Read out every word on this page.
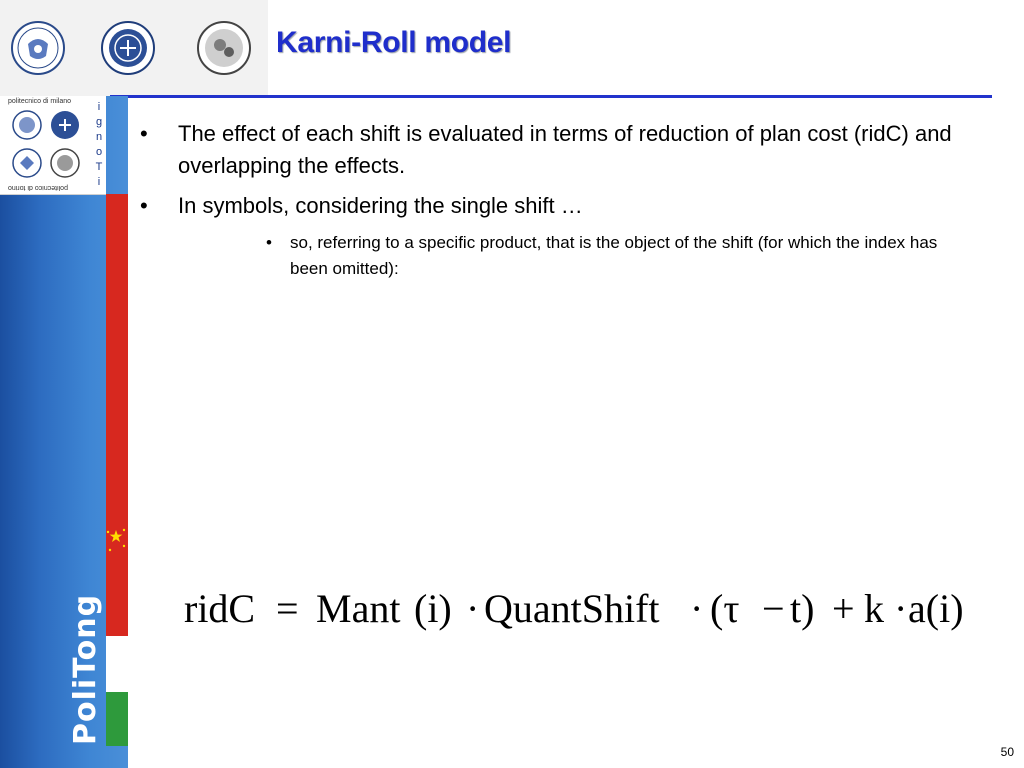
Karni-Roll model
politecnico di milano	i
g
n
o
T
i
politecnico di torino
PoliTong
• The effect of each shift is evaluated in terms of reduction of plan cost (ridC) and overlapping the effects.
• In symbols, considering the single shift …
• so, referring to a specific product, that is the object of the shift (for which the index has been omitted):
ridC = Mant (i) · QuantShift · (τ − t) + k · a(i)
50
